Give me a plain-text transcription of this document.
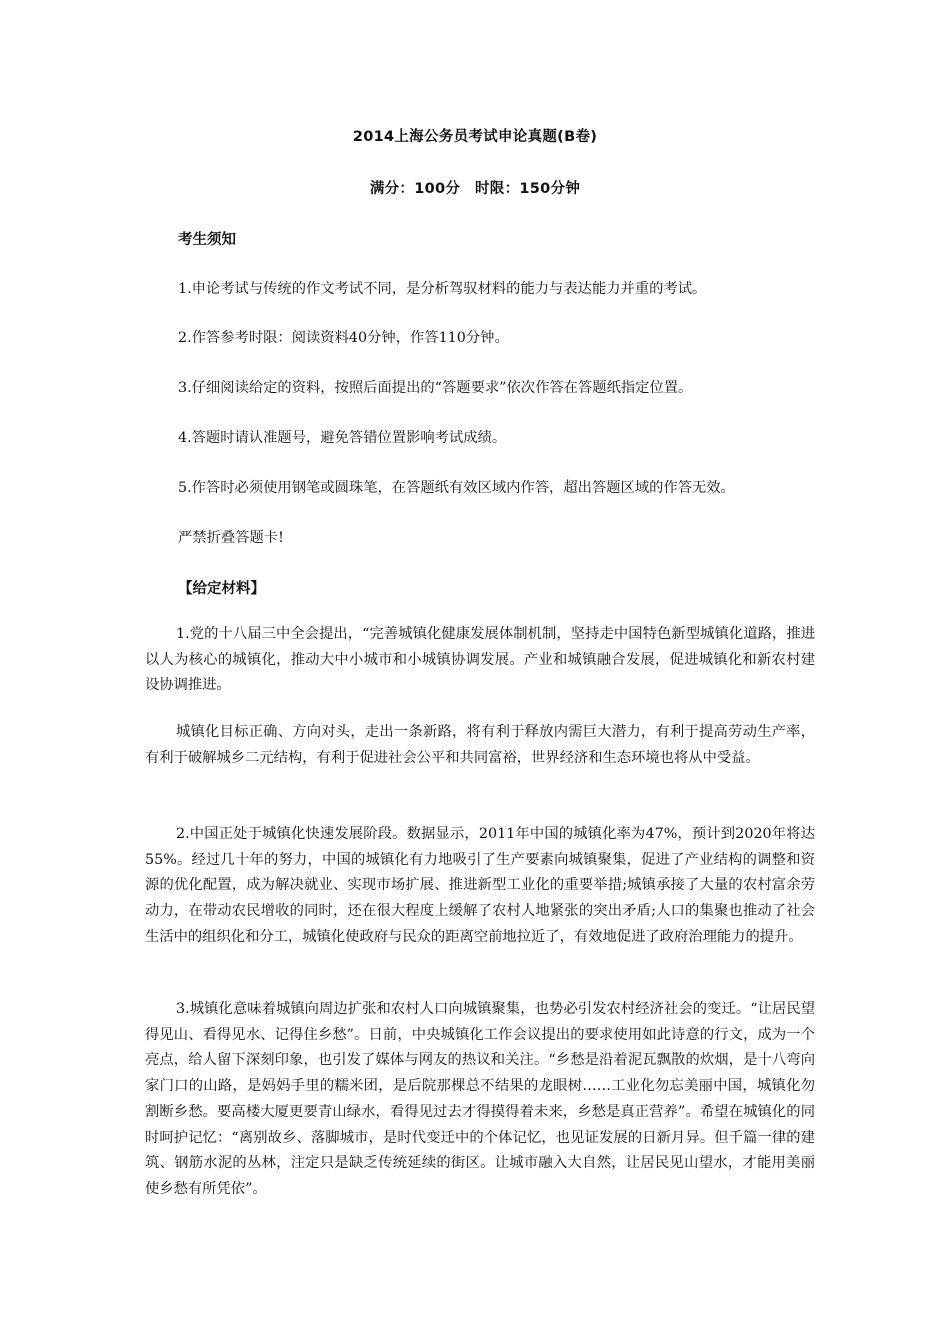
2014上海公务员考试申论真题(B卷)
满分：100分　时限：150分钟
考生须知
1.申论考试与传统的作文考试不同，是分析驾驭材料的能力与表达能力并重的考试。
2.作答参考时限：阅读资料40分钟，作答110分钟。
3.仔细阅读给定的资料，按照后面提出的“答题要求”依次作答在答题纸指定位置。
4.答题时请认准题号，避免答错位置影响考试成绩。
5.作答时必须使用钢笔或圆珠笔，在答题纸有效区域内作答，超出答题区域的作答无效。
严禁折叠答题卡!
【给定材料】
1.党的十八届三中全会提出，“完善城镇化健康发展体制机制，坚持走中国特色新型城镇化道路，推进以人为核心的城镇化，推动大中小城市和小城镇协调发展。产业和城镇融合发展，促进城镇化和新农村建设协调推进。
城镇化目标正确、方向对头，走出一条新路，将有利于释放内需巨大潜力，有利于提高劳动生产率，有利于破解城乡二元结构，有利于促进社会公平和共同富裕，世界经济和生态环境也将从中受益。
2.中国正处于城镇化快速发展阶段。数据显示，2011年中国的城镇化率为47%，预计到2020年将达55%。经过几十年的努力，中国的城镇化有力地吸引了生产要素向城镇聚集，促进了产业结构的调整和资源的优化配置，成为解决就业、实现市场扩展、推进新型工业化的重要举措;城镇承接了大量的农村富余劳动力，在带动农民增收的同时，还在很大程度上缓解了农村人地紧张的突出矛盾;人口的集聚也推动了社会生活中的组织化和分工，城镇化使政府与民众的距离空前地拉近了，有效地促进了政府治理能力的提升。
3.城镇化意味着城镇向周边扩张和农村人口向城镇聚集，也势必引发农村经济社会的变迁。“让居民望得见山、看得见水、记得住乡愁”。日前，中央城镇化工作会议提出的要求使用如此诗意的行文，成为一个亮点，给人留下深刻印象，也引发了媒体与网友的热议和关注。“乡愁是沿着泥瓦飘散的炊烟，是十八弯向家门口的山路，是妈妈手里的糯米团，是后院那棵总不结果的龙眼树……工业化勿忘美丽中国，城镇化勿割断乡愁。要高楼大厦更要青山绿水，看得见过去才得摸得着未来，乡愁是真正营养”。希望在城镇化的同时呵护记忆：“离别故乡、落脚城市，是时代变迁中的个体记忆，也见证发展的日新月异。但千篇一律的建筑、钢筋水泥的丛林，注定只是缺乏传统延续的街区。让城市融入大自然，让居民见山望水，才能用美丽使乡愁有所凭依”。
